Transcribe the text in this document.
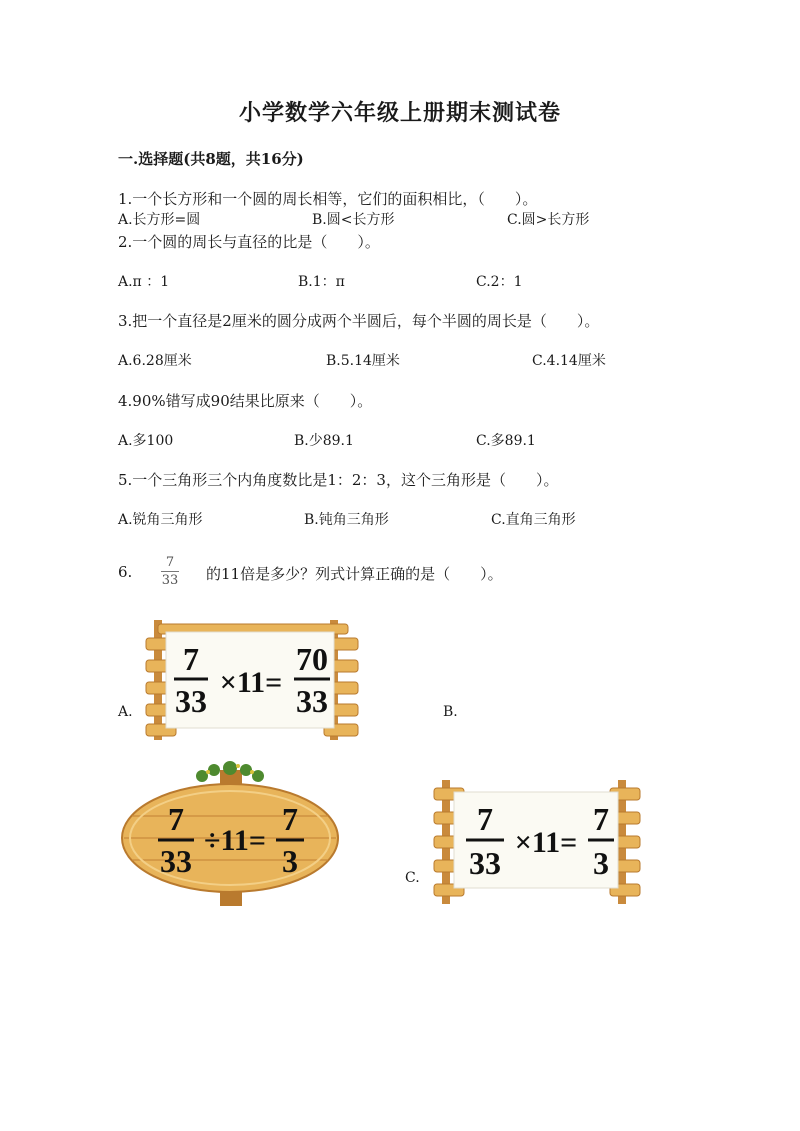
小学数学六年级上册期末测试卷
一.选择题(共8题，共16分)
1.一个长方形和一个圆的周长相等，它们的面积相比，（　　）。
A.长方形=圆	B.圆<长方形	C.圆>长方形
2.一个圆的周长与直径的比是（　　）。
A.π ：1	B.1：π	C.2：1
3.把一个直径是2厘米的圆分成两个半圆后，每个半圆的周长是（　　）。
A.6.28厘米	B.5.14厘米	C.4.14厘米
4.90%错写成90结果比原来（　　）。
A.多100	B.少89.1	C.多89.1
5.一个三角形三个内角度数比是1：2：3，这个三角形是（　　）。
A.锐角三角形	B.钝角三角形	C.直角三角形
6.
7
33 的11倍是多少？列式计算正确的是（　　）。
A.	B.
C.
7
33
×11=
70
33
7
33
÷11=
7
3
7
33
×11=
7
3
